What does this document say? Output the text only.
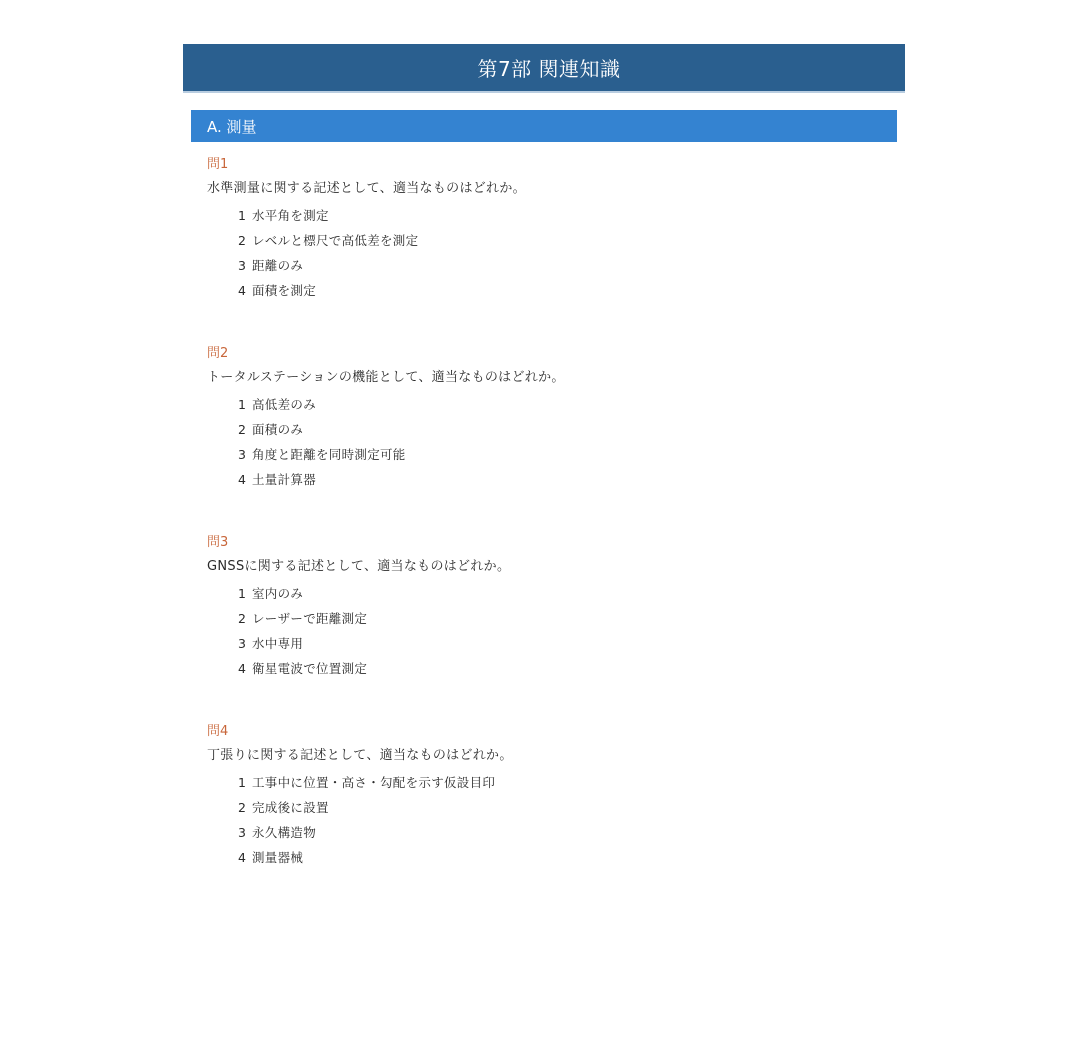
第7部 関連知識
A. 測量
問1
水準測量に関する記述として、適当なものはどれか。
1 水平角を測定
2 レベルと標尺で高低差を測定
3 距離のみ
4 面積を測定
問2
トータルステーションの機能として、適当なものはどれか。
1 高低差のみ
2 面積のみ
3 角度と距離を同時測定可能
4 土量計算器
問3
GNSSに関する記述として、適当なものはどれか。
1 室内のみ
2 レーザーで距離測定
3 水中専用
4 衛星電波で位置測定
問4
丁張りに関する記述として、適当なものはどれか。
1 工事中に位置・高さ・勾配を示す仮設目印
2 完成後に設置
3 永久構造物
4 測量器械
